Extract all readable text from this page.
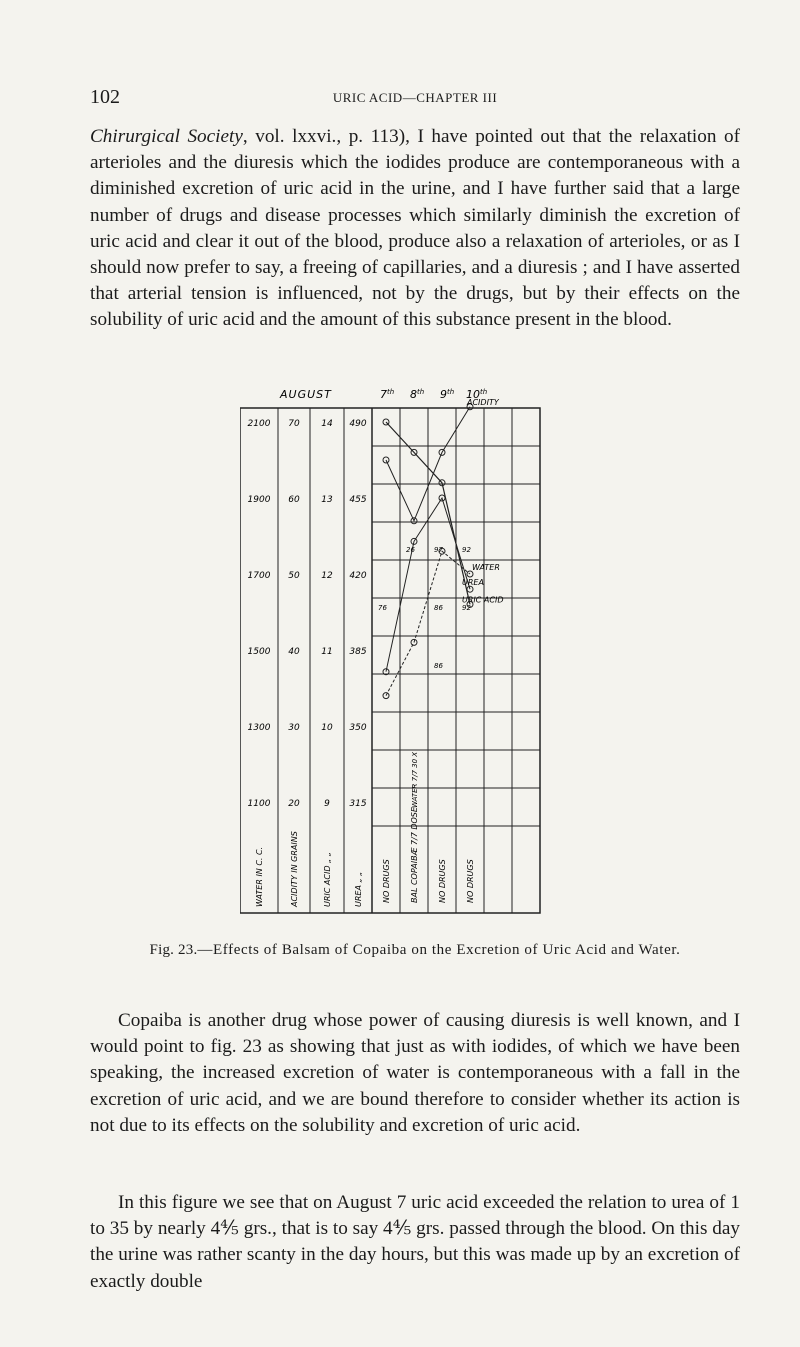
102	URIC ACID—CHAPTER III

Chirurgical Society, vol. lxxvi., p. 113), I have pointed out that the relaxation of arterioles and the diuresis which the iodides produce are contemporaneous with a diminished excretion of uric acid in the urine, and I have further said that a large number of drugs and disease processes which similarly diminish the excretion of uric acid and clear it out of the blood, produce also a relaxation of arterioles, or as I should now prefer to say, a freeing of capillaries, and a diuresis ; and I have asserted that arterial tension is influenced, not by the drugs, but by their effects on the solubility of uric acid and the amount of this substance present in the blood.

AUGUST	7th 8th 9th 10th
2100
1900
1700
1500
1300
1100
70
60
50
40
30
20
14
13
12
11
10
9
490
455
420
385
350
315
WATER IN C. C.	ACIDITY IN GRAINS	URIC ACID „ „	UREA „ „
URIC ACID
ACIDITY
WATER
UREA
76
26	97	92
86	92
86
NO DRUGS BAL COPAIBÆ 7/7 DOSE NO DRUGS NO DRUGS
WATER 7/7 30 X

Fig. 23.—Effects of Balsam of Copaiba on the Excretion of Uric Acid and Water.

Copaiba is another drug whose power of causing diuresis is well known, and I would point to fig. 23 as showing that just as with iodides, of which we have been speaking, the increased excretion of water is contemporaneous with a fall in the excretion of uric acid, and we are bound therefore to consider whether its action is not due to its effects on the solubility and excretion of uric acid.

In this figure we see that on August 7 uric acid exceeded the relation to urea of 1 to 35 by nearly 4⅘ grs., that is to say 4⅘ grs. passed through the blood. On this day the urine was rather scanty in the day hours, but this was made up by an excretion of exactly double
